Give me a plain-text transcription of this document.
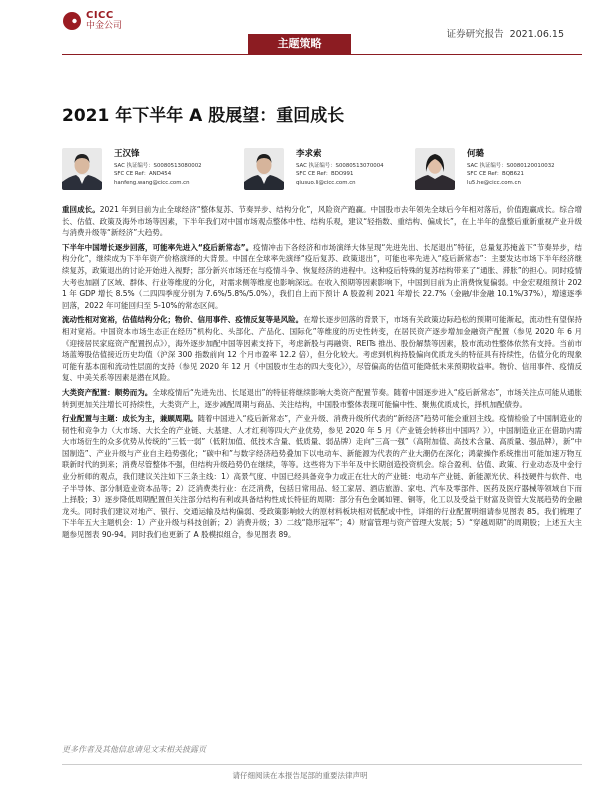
CICC
中金公司
证券研究报告 2021.06.15
主题策略
2021 年下半年 A 股展望：重回成长
王汉锋
SAC 执证编号：S0080513080002
SFC CE Ref：AND454
hanfeng.wang@cicc.com.cn
李求索
SAC 执证编号：S0080513070004
SFC CE Ref：BDO991
qiusuo.li@cicc.com.cn
何璐
SAC 执证编号：S0080120010032
SFC CE Ref：BQB621
lu5.he@cicc.com.cn

重回成长。2021 年到目前为止全球经济“整体复苏、节奏异步、结构分化”，风险资产跑赢。中国股市去年领先全球后今年相对落后，价值跑赢成长。综合增长、估值、政策及海外市场等因素，下半年我们对中国市场观点整体中性、结构乐观，建议“轻指数、重结构、偏成长”，在上半年的盘整后重新重视产业升级与消费升级等“新经济”大趋势。

下半年中国增长逐步回落，可能率先进入“疫后新常态”。疫情冲击下各经济和市场演绎大体呈现“先进先出、长尾退出”特征，总量复苏掩盖下“节奏异步，结构分化”，继续成为下半年资产价格演绎的大背景。中国在全球率先演绎“疫后复苏、政策退出”，可能也率先进入“疫后新常态”：主要发达市场下半年经济继续复苏，政策退出的讨论开始进入视野；部分新兴市场还在与疫情斗争、恢复经济的进程中。这种疫后特殊的复苏结构带来了“通胀、滞胀”的担心。同时疫情大考也加剧了区域、群体、行业等维度的分化，对需求侧等维度也影响深远。在收入预期等因素影响下，中国到目前为止消费恢复偏弱。中金宏观组预计 2021 年 GDP 增长 8.5%（二四四季度分别为 7.6%/5.8%/5.0%），我们自上而下预计 A 股盈利 2021 年增长 22.7%（金融/非金融 10.1%/37%），增速逐季回落，2022 年可能回归至 5-10%的常态区间。

流动性相对宽裕，估值结构分化；物价、信用事件、疫情反复等是风险。在增长逐步回落的背景下，市场有关政策边际趋松的预期可能渐起，流动性有望保持相对宽裕。中国资本市场生态正在经历“机构化、头部化、产品化、国际化”等维度的历史性转变，在居民资产逐步增加金融资产配置（参见 2020 年 6 月《迎接居民家庭资产配置拐点》），海外逐步加配中国等因素支持下，考虑新股与再融资、REITs 推出、股份解禁等因素，股市流动性整体依然有支持。当前市场蓝筹股估值接近历史均值（沪深 300 指数前向 12 个月市盈率 12.2 倍），但分化较大。考虑到机构持股偏向优质龙头的特征具有持续性，估值分化的现象可能有基本面和流动性层面的支持（参见 2020 年 12 月《中国股市生态的四大变化》），尽管偏高的估值可能降低未来预期收益率。物价、信用事件、疫情反复、中美关系等因素是潜在风险。

大类资产配置：顺势而为。全球疫情后“先进先出、长尾退出”的特征将继续影响大类资产配置节奏。随着中国逐步进入“疫后新常态”，市场关注点可能从通胀转到更加关注增长可持续性，大类资产上，逐步减配周期与商品、关注结构，中国股市整体表现可能偏中性、聚焦优质成长，择机加配债券。

行业配置与主题：成长为主，兼顾周期。随着中国进入“疫后新常态”，产业升级、消费升级所代表的“新经济”趋势可能会重回主线。疫情检验了中国制造业的韧性和竞争力（大市场、大长全的产业链、大基建、人才红利等四大产业优势，参见 2020 年 5 月《产业链会转移出中国吗？》），中国制造业正在借助内需大市场衍生的众多优势从传统的“三低一弱”（低附加值、低技术含量、低质量、弱品牌）走向“三高一强”（高附加值、高技术含量、高质量、强品牌），新“中国制造”、产业升级与产业自主趋势强化；“碳中和”与数字经济趋势叠加下以电动车、新能源为代表的产业大潮仍在深化；鸿蒙操作系统推出可能加速万物互联新时代的到来；消费尽管整体不强，但结构升级趋势仍在继续，等等。这些将为下半年及中长期创造投资机会。综合盈利、估值、政策、行业动态及中金行业分析师的观点，我们建议关注如下三条主线：1）高景气度、中国已经具备竞争力或正在壮大的产业链：电动车产业链、新能源光伏、科技硬件与软件、电子半导体、部分制造业资本品等；2）泛消费类行业：在泛消费，包括日常用品、轻工家居、酒店旅游、家电、汽车及零部件、医药及医疗器械等领域自下而上择股；3）逐步降低周期配置但关注部分结构有利或具备结构性成长特征的周期：部分有色金属如锂、铜等，化工以及受益于财富及资管大发展趋势的金融龙头。同时我们建议对地产、银行、交通运输及结构偏弱、受政策影响较大的原材料板块相对低配或中性，详细的行业配置明细请参见图表 85。我们梳理了下半年五大主题机会：1）产业升级与科技创新；2）消费升级；3）二线“隐形冠军”；4）财富管理与资产管理大发展；5）“穿越周期”的周期股；上述五大主题参见图表 90-94。同时我们也更新了 A 股模拟组合，参见图表 89。

更多作者及其他信息请见文末相关披露页
请仔细阅读在本报告尾部的重要法律声明
